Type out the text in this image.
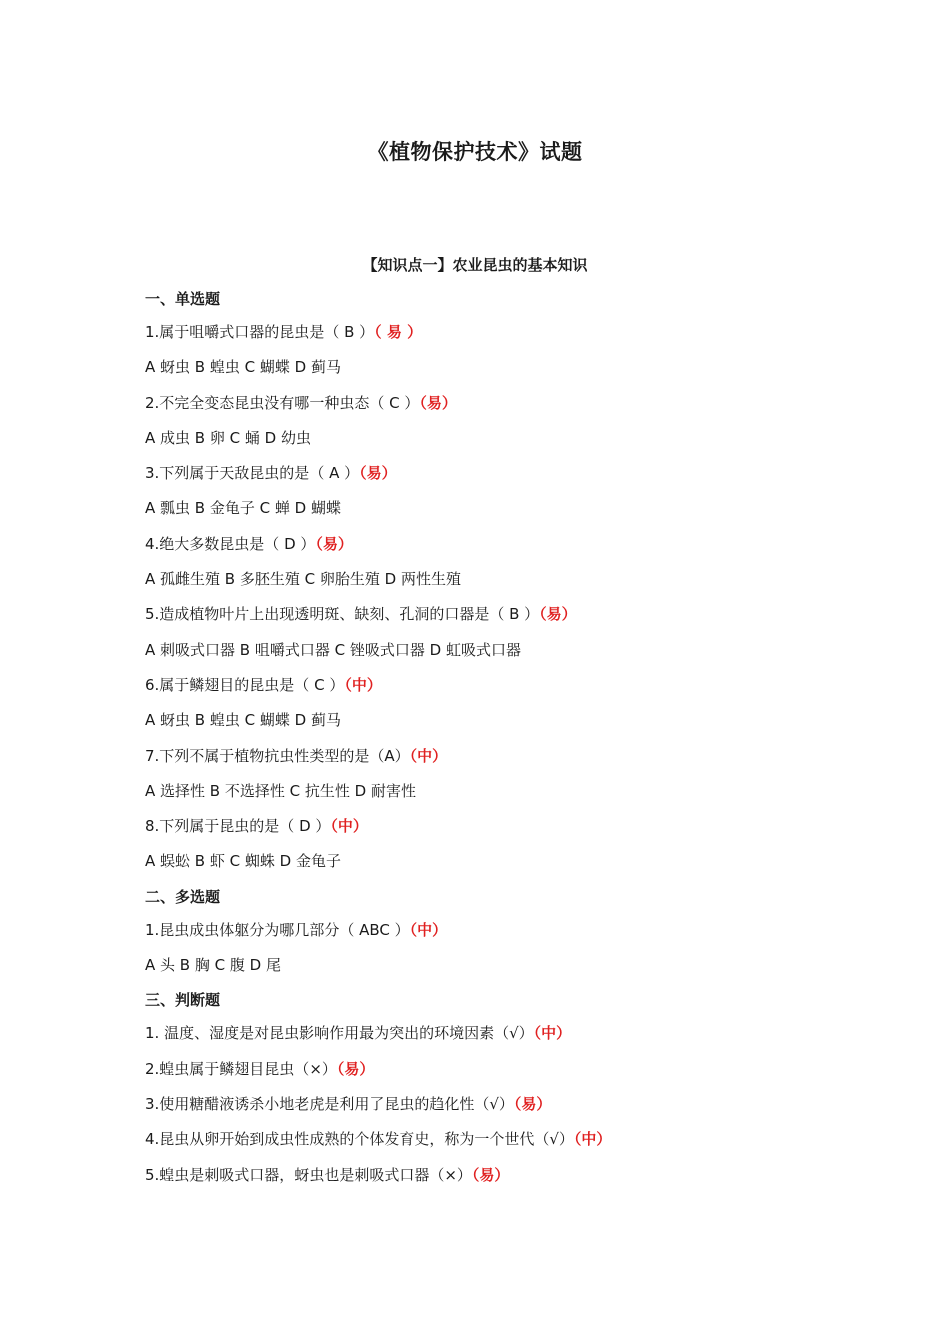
《植物保护技术》试题
【知识点一】农业昆虫的基本知识
一、单选题
1.属于咀嚼式口器的昆虫是（ B ）（ 易 ）
A 蚜虫 B 蝗虫 C 蝴蝶 D 蓟马
2.不完全变态昆虫没有哪一种虫态（ C ）（易）
A 成虫 B 卵 C 蛹 D 幼虫
3.下列属于天敌昆虫的是（ A ）（易）
A 瓢虫 B 金龟子 C 蝉 D 蝴蝶
4.绝大多数昆虫是（ D ）（易）
A 孤雌生殖 B 多胚生殖 C 卵胎生殖 D 两性生殖
5.造成植物叶片上出现透明斑、缺刻、孔洞的口器是（ B ）（易）
A 刺吸式口器 B 咀嚼式口器 C 锉吸式口器 D 虹吸式口器
6.属于鳞翅目的昆虫是（ C ）（中）
A 蚜虫 B 蝗虫 C 蝴蝶 D 蓟马
7.下列不属于植物抗虫性类型的是（A）（中）
A 选择性 B 不选择性 C 抗生性 D 耐害性
8.下列属于昆虫的是（ D ）（中）
A 蜈蚣 B 虾 C 蜘蛛 D 金龟子
二、多选题
1.昆虫成虫体躯分为哪几部分（ ABC ）（中）
A 头 B 胸 C 腹 D 尾
三、判断题
1. 温度、湿度是对昆虫影响作用最为突出的环境因素（√）（中）
2.蝗虫属于鳞翅目昆虫（×）（易）
3.使用糖醋液诱杀小地老虎是利用了昆虫的趋化性（√）（易）
4.昆虫从卵开始到成虫性成熟的个体发育史，称为一个世代（√）（中）
5.蝗虫是刺吸式口器，蚜虫也是刺吸式口器（×）（易）
